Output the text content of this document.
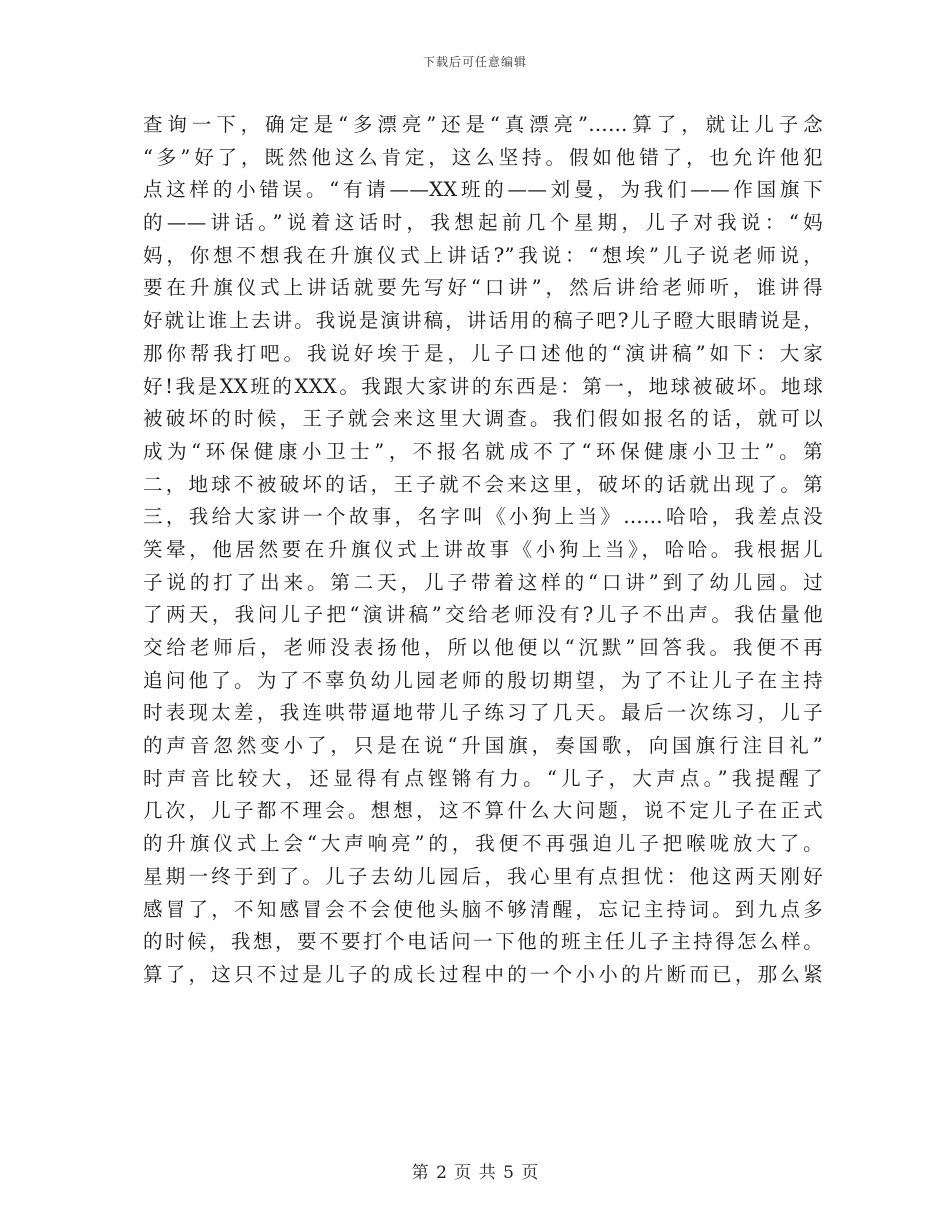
下载后可任意编辑
查询一下，确定是“多漂亮”还是“真漂亮”……算了，就让儿子念
“多”好了，既然他这么肯定，这么坚持。假如他错了，也允许他犯
点这样的小错误。“有请——XX班的——刘曼，为我们——作国旗下
的——讲话。”说着这话时，我想起前几个星期，儿子对我说：“妈
妈，你想不想我在升旗仪式上讲话?”我说：“想埃”儿子说老师说，
要在升旗仪式上讲话就要先写好“口讲”，然后讲给老师听，谁讲得
好就让谁上去讲。我说是演讲稿，讲话用的稿子吧?儿子瞪大眼睛说是，
那你帮我打吧。我说好埃于是，儿子口述他的“演讲稿”如下：大家
好!我是XX班的XXX。我跟大家讲的东西是：第一，地球被破坏。地球
被破坏的时候，王子就会来这里大调查。我们假如报名的话，就可以
成为“环保健康小卫士”，不报名就成不了“环保健康小卫士”。第
二，地球不被破坏的话，王子就不会来这里，破坏的话就出现了。第
三，我给大家讲一个故事，名字叫《小狗上当》……哈哈，我差点没
笑晕，他居然要在升旗仪式上讲故事《小狗上当》，哈哈。我根据儿
子说的打了出来。第二天，儿子带着这样的“口讲”到了幼儿园。过
了两天，我问儿子把“演讲稿”交给老师没有?儿子不出声。我估量他
交给老师后，老师没表扬他，所以他便以“沉默”回答我。我便不再
追问他了。为了不辜负幼儿园老师的殷切期望，为了不让儿子在主持
时表现太差，我连哄带逼地带儿子练习了几天。最后一次练习，儿子
的声音忽然变小了，只是在说“升国旗，奏国歌，向国旗行注目礼”
时声音比较大，还显得有点铿锵有力。“儿子，大声点。”我提醒了
几次，儿子都不理会。想想，这不算什么大问题，说不定儿子在正式
的升旗仪式上会“大声响亮”的，我便不再强迫儿子把喉咙放大了。
星期一终于到了。儿子去幼儿园后，我心里有点担忧：他这两天刚好
感冒了，不知感冒会不会使他头脑不够清醒，忘记主持词。到九点多
的时候，我想，要不要打个电话问一下他的班主任儿子主持得怎么样。
算了，这只不过是儿子的成长过程中的一个小小的片断而已，那么紧
第 2 页 共 5 页
